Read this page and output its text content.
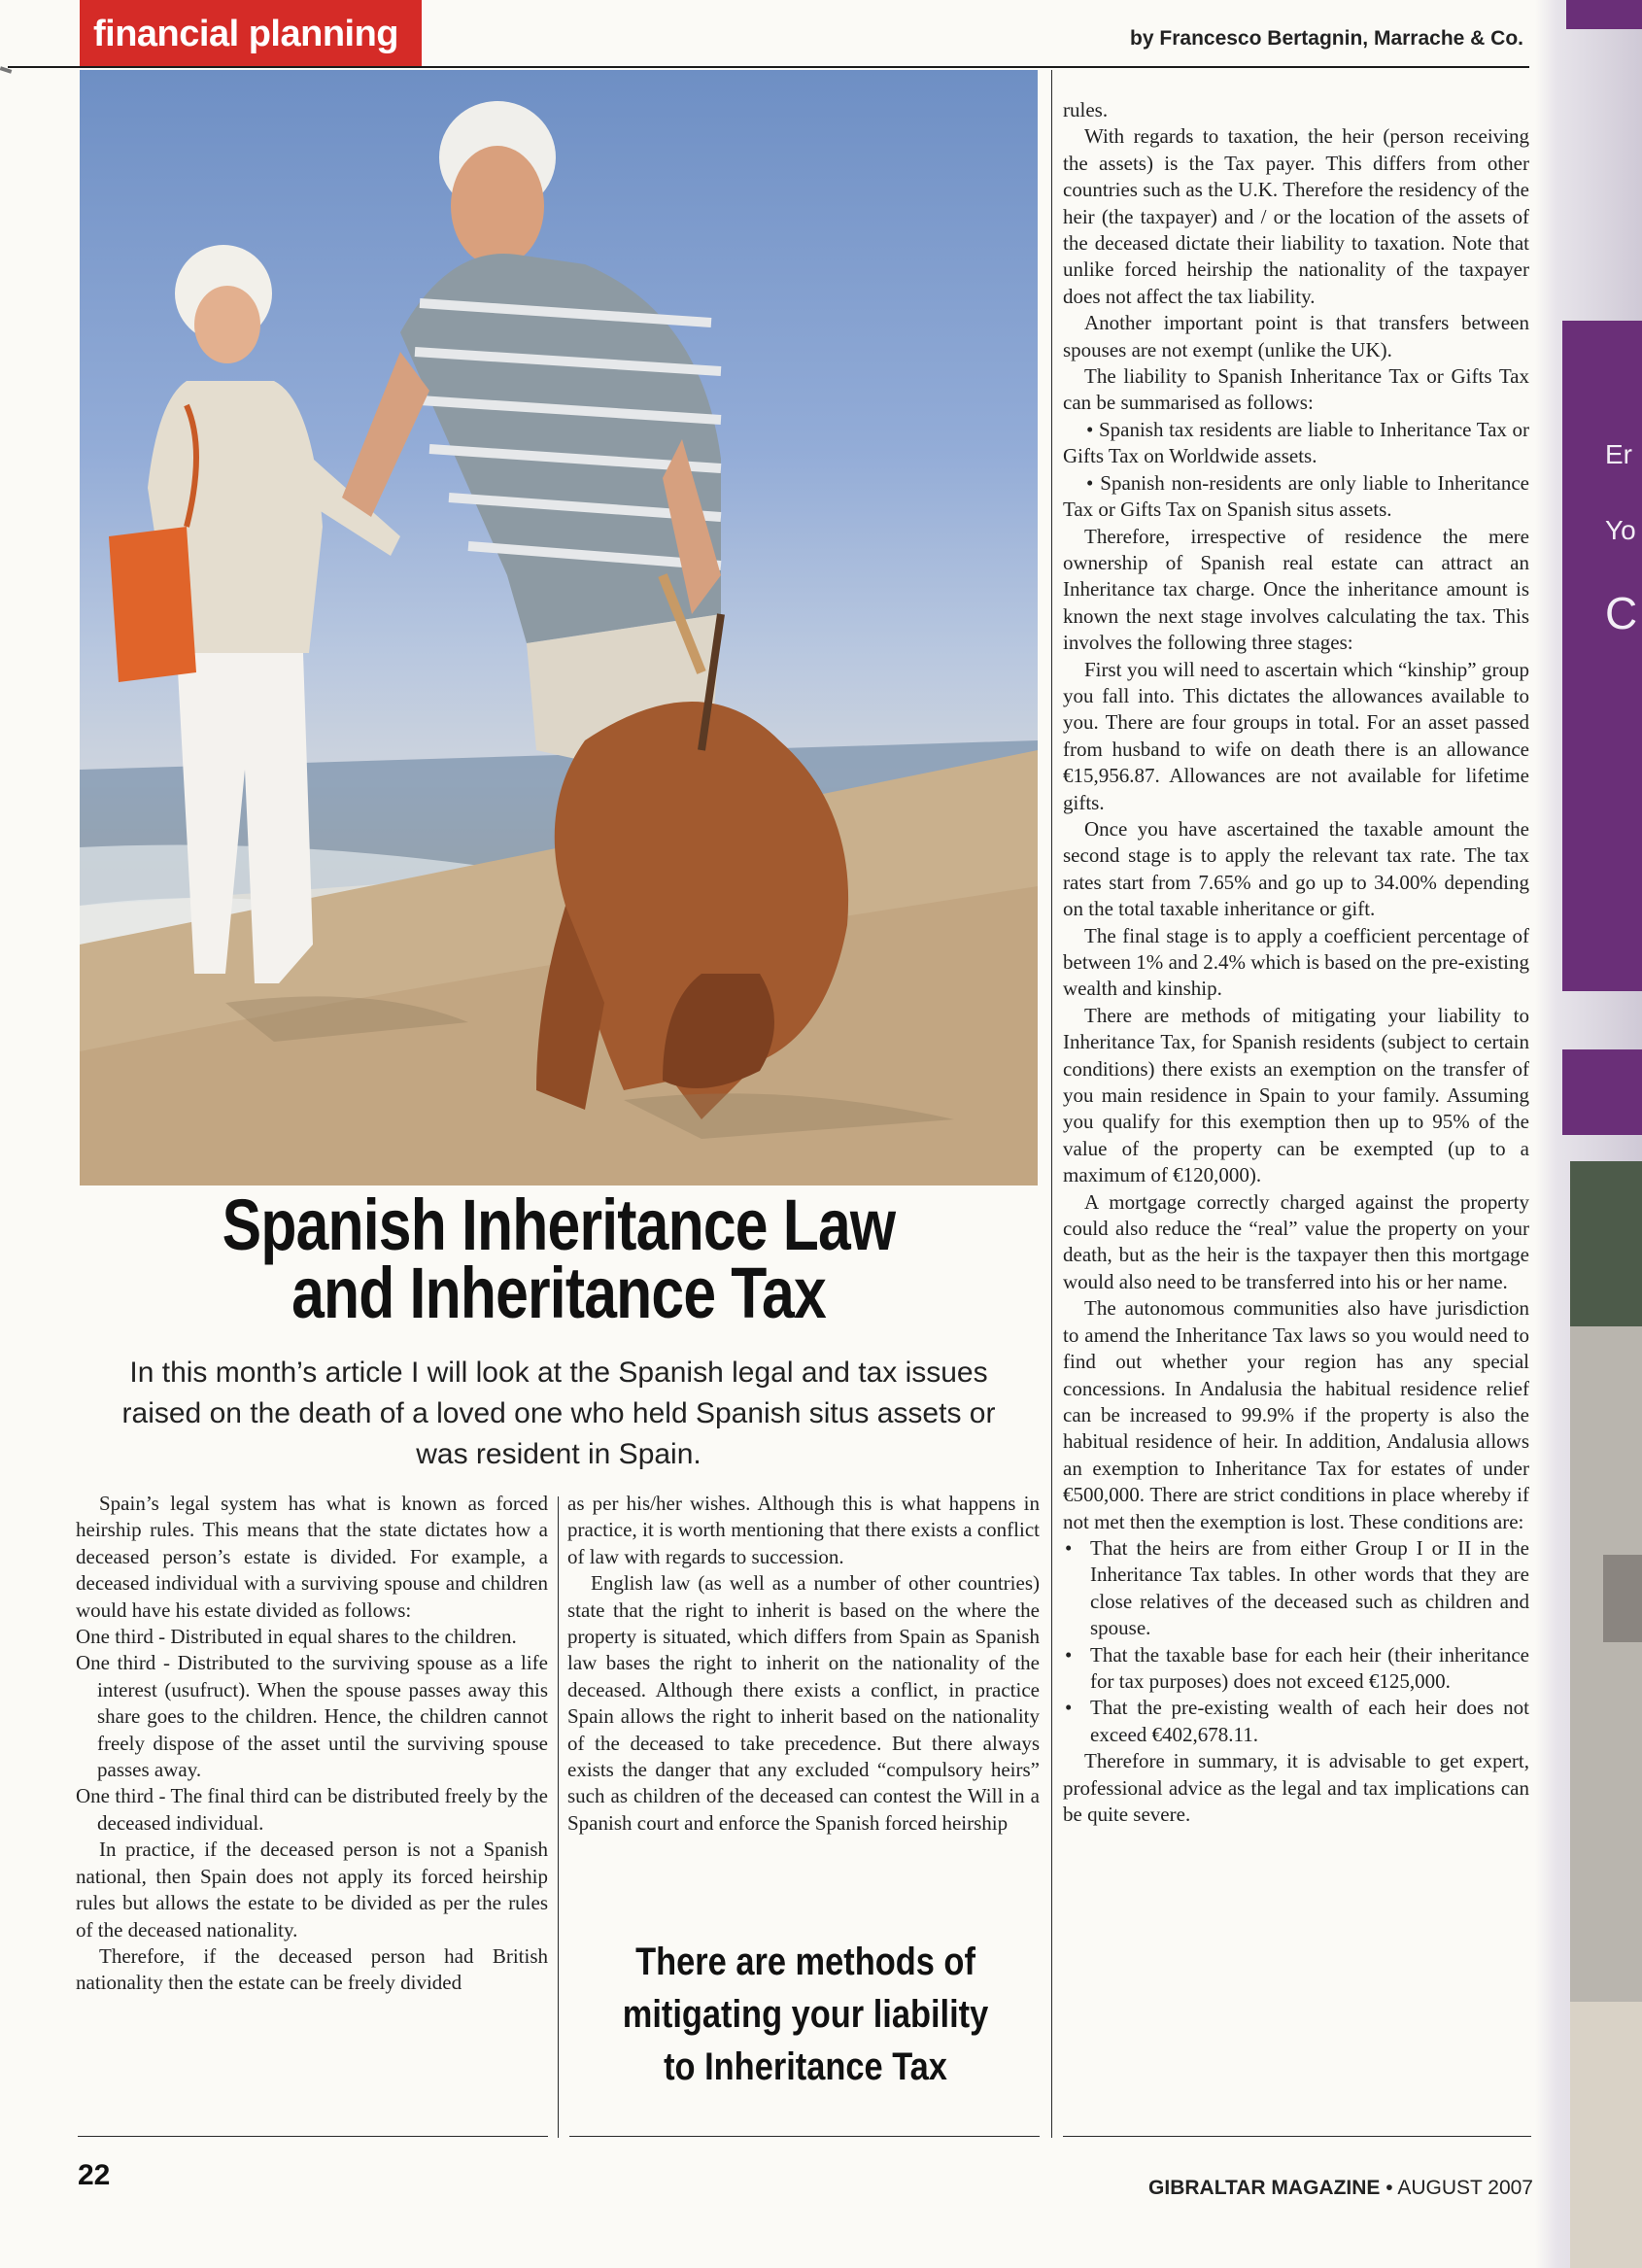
financial planning	by Francesco Bertagnin, Marrache & Co.
Spanish Inheritance Law
and Inheritance Tax

In this month’s article I will look at the Spanish legal and tax issues raised on the death of a loved one who held Spanish situs assets or was resident in Spain.

Spain’s legal system has what is known as forced heirship rules. This means that the state dictates how a deceased person’s estate is divided. For example, a deceased individual with a surviving spouse and children would have his estate divided as follows:

One third - Distributed in equal shares to the children.

One third - Distributed to the surviving spouse as a life interest (usufruct). When the spouse passes away this share goes to the children. Hence, the children cannot freely dispose of the asset until the surviving spouse passes away.

One third - The final third can be distributed freely by the deceased individual.

In practice, if the deceased person is not a Spanish national, then Spain does not apply its forced heirship rules but allows the estate to be divided as per the rules of the deceased nationality.

Therefore, if the deceased person had British nationality then the estate can be freely divided

as per his/her wishes. Although this is what happens in practice, it is worth mentioning that there exists a conflict of law with regards to succession.

English law (as well as a number of other countries) state that the right to inherit is based on the where the property is situated, which differs from Spain as Spanish law bases the right to inherit on the nationality of the deceased. Although there exists a conflict, in practice Spain allows the right to inherit based on the nationality of the deceased to take precedence. But there always exists the danger that any excluded “compulsory heirs” such as children of the deceased can contest the Will in a Spanish court and enforce the Spanish forced heirship

There are methods of mitigating your liability to Inheritance Tax

rules.

With regards to taxation, the heir (person receiving the assets) is the Tax payer. This differs from other countries such as the U.K. Therefore the residency of the heir (the taxpayer) and / or the location of the assets of the deceased dictate their liability to taxation. Note that unlike forced heirship the nationality of the taxpayer does not affect the tax liability.

Another important point is that transfers between spouses are not exempt (unlike the UK).

The liability to Spanish Inheritance Tax or Gifts Tax can be summarised as follows:

• Spanish tax residents are liable to Inheritance Tax or Gifts Tax on Worldwide assets.

• Spanish non-residents are only liable to Inheritance Tax or Gifts Tax on Spanish situs assets.

Therefore, irrespective of residence the mere ownership of Spanish real estate can attract an Inheritance tax charge. Once the inheritance amount is known the next stage involves calculating the tax. This involves the following three stages:

First you will need to ascertain which “kinship” group you fall into. This dictates the allowances available to you. There are four groups in total. For an asset passed from husband to wife on death there is an allowance €15,956.87. Allowances are not available for lifetime gifts.

Once you have ascertained the taxable amount the second stage is to apply the relevant tax rate. The tax rates start from 7.65% and go up to 34.00% depending on the total taxable inheritance or gift.

The final stage is to apply a coefficient percentage of between 1% and 2.4% which is based on the pre-existing wealth and kinship.

There are methods of mitigating your liability to Inheritance Tax, for Spanish residents (subject to certain conditions) there exists an exemption on the transfer of you main residence in Spain to your family. Assuming you qualify for this exemption then up to 95% of the value of the property can be exempted (up to a maximum of €120,000).

A mortgage correctly charged against the property could also reduce the “real” value the property on your death, but as the heir is the taxpayer then this mortgage would also need to be transferred into his or her name.

The autonomous communities also have jurisdiction to amend the Inheritance Tax laws so you would need to find out whether your region has any special concessions. In Andalusia the habitual residence relief can be increased to 99.9% if the property is also the habitual residence of heir. In addition, Andalusia allows an exemption to Inheritance Tax for estates of under €500,000. There are strict conditions in place whereby if not met then the exemption is lost. These conditions are:

• That the heirs are from either Group I or II in the Inheritance Tax tables. In other words that they are close relatives of the deceased such as children and spouse.

• That the taxable base for each heir (their inheritance for tax purposes) does not exceed €125,000.

• That the pre-existing wealth of each heir does not exceed €402,678.11.

Therefore in summary, it is advisable to get expert, professional advice as the legal and tax implications can be quite severe.

22	GIBRALTAR MAGAZINE • AUGUST 2007
Er
Yo
C
